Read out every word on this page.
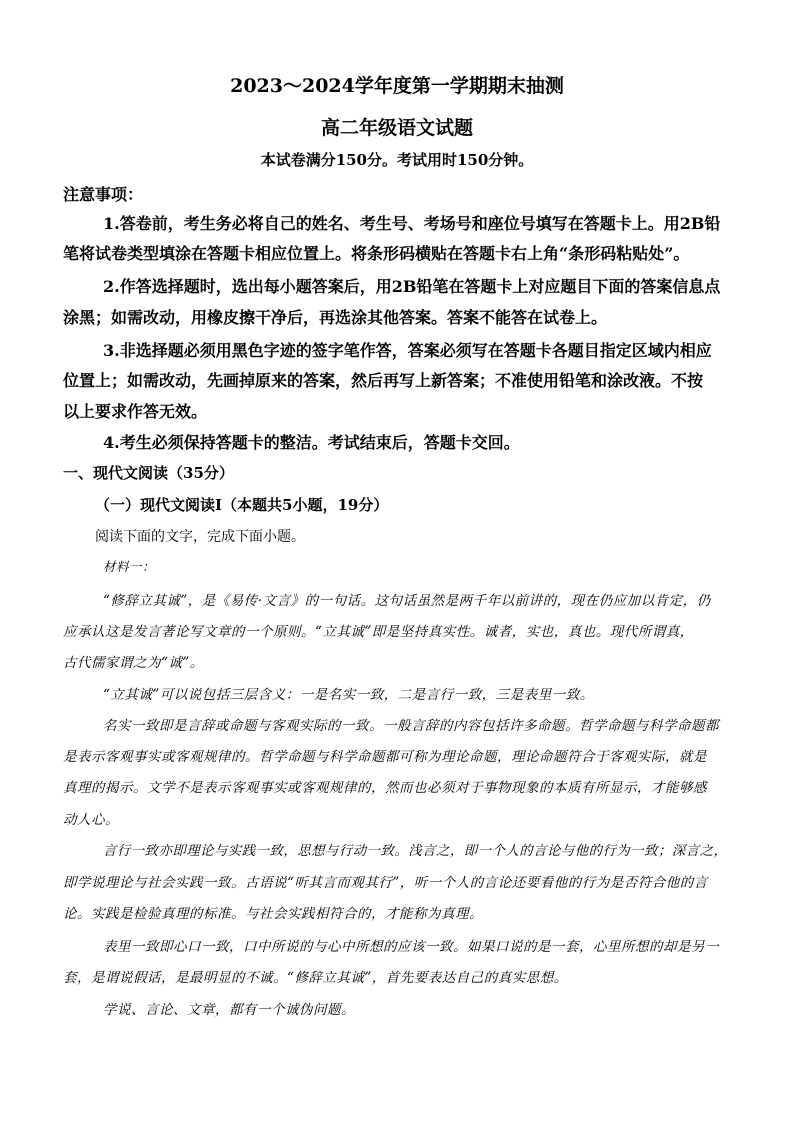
2023～2024学年度第一学期期末抽测
高二年级语文试题
本试卷满分150分。考试用时150分钟。
注意事项：
1.答卷前，考生务必将自己的姓名、考生号、考场号和座位号填写在答题卡上。用2B铅
笔将试卷类型填涂在答题卡相应位置上。将条形码横贴在答题卡右上角“条形码粘贴处”。
2.作答选择题时，选出每小题答案后，用2B铅笔在答题卡上对应题目下面的答案信息点
涂黑；如需改动，用橡皮擦干净后，再选涂其他答案。答案不能答在试卷上。
3.非选择题必须用黑色字迹的签字笔作答，答案必须写在答题卡各题目指定区域内相应
位置上；如需改动，先画掉原来的答案，然后再写上新答案；不准使用铅笔和涂改液。不按
以上要求作答无效。
4.考生必须保持答题卡的整洁。考试结束后，答题卡交回。
一、现代文阅读（35分）
（一）现代文阅读Ⅰ（本题共5小题，19分）
阅读下面的文字，完成下面小题。
材料一：
“修辞立其诚”，是《易传·文言》的一句话。这句话虽然是两千年以前讲的，现在仍应加以肯定，仍
应承认这是发言著论写文章的一个原则。“立其诚”即是坚持真实性。诚者，实也，真也。现代所谓真，
古代儒家谓之为“诚”。
“立其诚”可以说包括三层含义：一是名实一致，二是言行一致，三是表里一致。
名实一致即是言辞或命题与客观实际的一致。一般言辞的内容包括许多命题。哲学命题与科学命题都
是表示客观事实或客观规律的。哲学命题与科学命题都可称为理论命题，理论命题符合于客观实际，就是
真理的揭示。文学不是表示客观事实或客观规律的，然而也必须对于事物现象的本质有所显示，才能够感
动人心。
言行一致亦即理论与实践一致，思想与行动一致。浅言之，即一个人的言论与他的行为一致；深言之，
即学说理论与社会实践一致。古语说“听其言而观其行”，听一个人的言论还要看他的行为是否符合他的言
论。实践是检验真理的标准。与社会实践相符合的，才能称为真理。
表里一致即心口一致，口中所说的与心中所想的应该一致。如果口说的是一套，心里所想的却是另一
套，是谓说假话，是最明显的不诚。“修辞立其诚”，首先要表达自己的真实思想。
学说、言论、文章，都有一个诚伪问题。
